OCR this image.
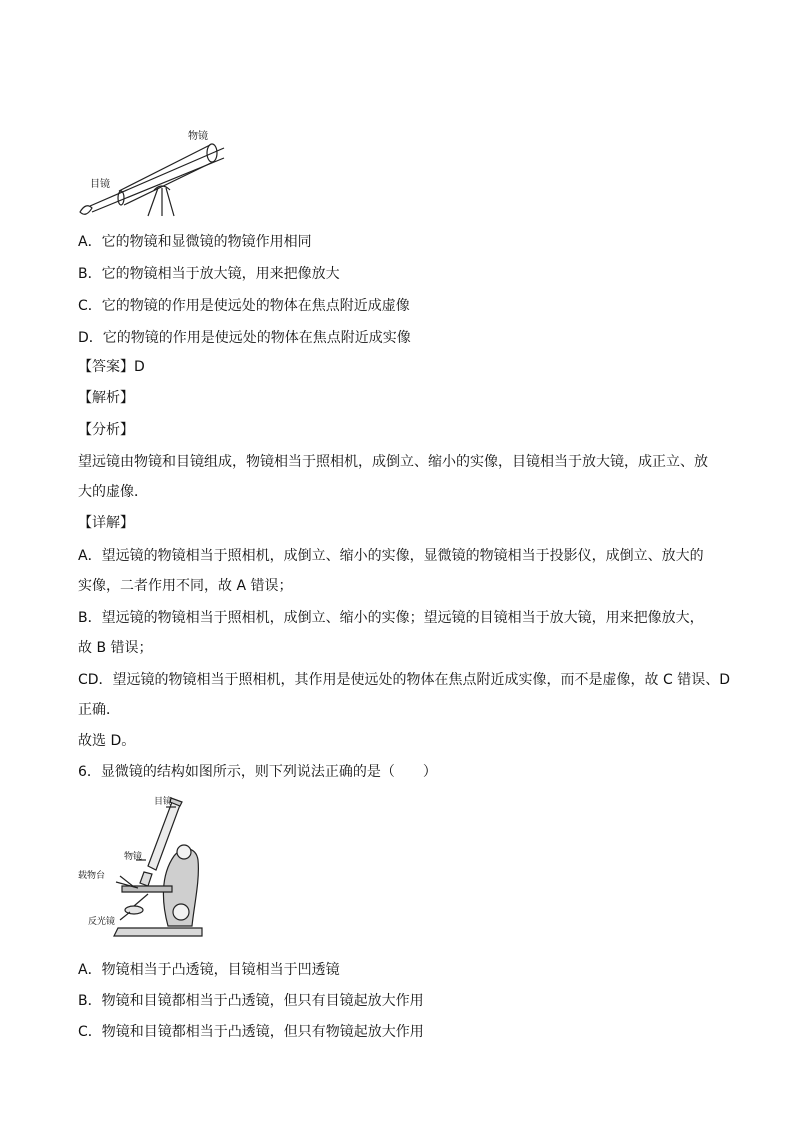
物镜
目镜
A．它的物镜和显微镜的物镜作用相同
B．它的物镜相当于放大镜，用来把像放大
C．它的物镜的作用是使远处的物体在焦点附近成虚像
D．它的物镜的作用是使远处的物体在焦点附近成实像
【答案】D
【解析】
【分析】
望远镜由物镜和目镜组成，物镜相当于照相机，成倒立、缩小的实像，目镜相当于放大镜，成正立、放
大的虚像．
【详解】
A．望远镜的物镜相当于照相机，成倒立、缩小的实像，显微镜的物镜相当于投影仪，成倒立、放大的
实像，二者作用不同，故 A 错误；
B．望远镜的物镜相当于照相机，成倒立、缩小的实像；望远镜的目镜相当于放大镜，用来把像放大，
故 B 错误；
CD．望远镜的物镜相当于照相机，其作用是使远处的物体在焦点附近成实像，而不是虚像，故 C 错误、D
正确．
故选 D。
6．显微镜的结构如图所示，则下列说法正确的是（　　）
目镜
物镜
载物台
反光镜
A．物镜相当于凸透镜，目镜相当于凹透镜
B．物镜和目镜都相当于凸透镜，但只有目镜起放大作用
C．物镜和目镜都相当于凸透镜，但只有物镜起放大作用
